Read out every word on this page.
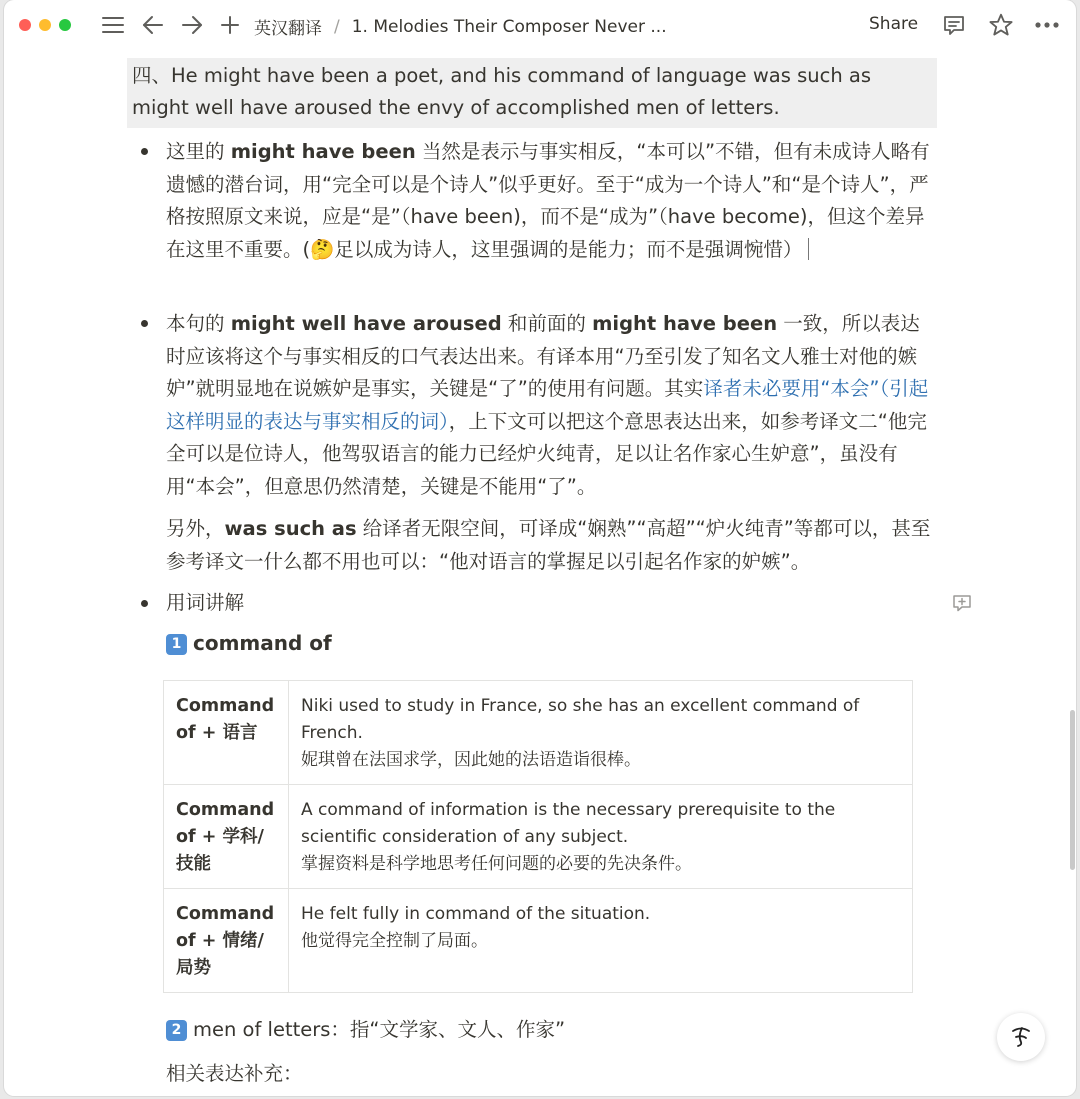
英汉翻译 / 1. Melodies Their Composer Never ...	Share
四、He might have been a poet, and his command of language was such as might well have aroused the envy of accomplished men of letters.
这里的 might have been 当然是表示与事实相反，“本可以”不错，但有未成诗人略有遗憾的潜台词，用“完全可以是个诗人”似乎更好。至于“成为一个诗人”和“是个诗人”，严格按照原文来说，应是“是”（have been)，而不是“成为”（have become)，但这个差异在这里不重要。(🤔足以成为诗人，这里强调的是能力；而不是强调惋惜）
本句的 might well have aroused 和前面的 might have been 一致，所以表达时应该将这个与事实相反的口气表达出来。有译本用“乃至引发了知名文人雅士对他的嫉妒”就明显地在说嫉妒是事实，关键是“了”的使用有问题。其实译者未必要用“本会”（引起这样明显的表达与事实相反的词），上下文可以把这个意思表达出来，如参考译文二“他完全可以是位诗人，他驾驭语言的能力已经炉火纯青，足以让名作家心生妒意”，虽没有用“本会”，但意思仍然清楚，关键是不能用“了”。
另外，was such as 给译者无限空间，可译成“娴熟”“高超”“炉火纯青”等都可以，甚至参考译文一什么都不用也可以：“他对语言的掌握足以引起名作家的妒嫉”。
用词讲解
1 command of
Command of + 语言	Niki used to study in France, so she has an excellent command of French.
妮琪曾在法国求学，因此她的法语造诣很棒。

Command of + 学科/技能	A command of information is the necessary prerequisite to the scientific consideration of any subject.
掌握资料是科学地思考任何问题的必要的先决条件。

Command of + 情绪/局势	He felt fully in command of the situation.
他觉得完全控制了局面。
2 men of letters：指“文学家、文人、作家”
相关表达补充：
